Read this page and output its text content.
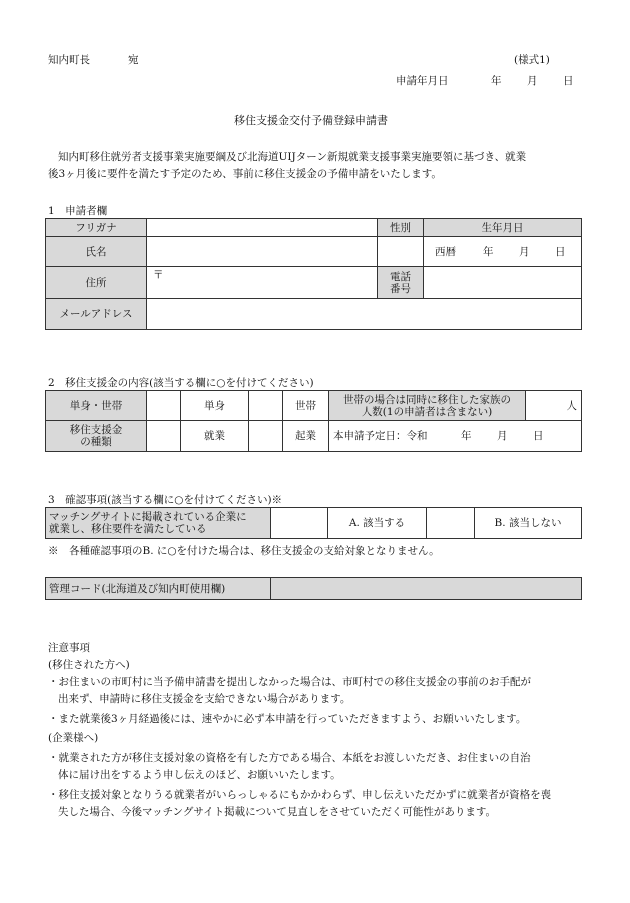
知内町長	宛	(様式1)
申請年月日	年 月 日
移住支援金交付予備登録申請書
知内町移住就労者支援事業実施要綱及び北海道UIJターン新規就業支援事業実施要領に基づき、就業
後3ヶ月後に要件を満たす予定のため、事前に移住支援金の予備申請をいたします。
1　申請者欄
フリガナ		性別	生年月日
氏名			西暦 年 月 日

住所	〒	電話
番号	
メールアドレス			
2　移住支援金の内容(該当する欄に○を付けてください)
単身・世帯		単身		世帯	世帯の場合は同時に移住した家族の
人数(1の申請者は含まない)	人
移住支援金
の種類		就業		起業	本申請予定日：令和 年 月 日	
3　確認事項(該当する欄に○を付けてください)※
マッチングサイトに掲載されている企業に
就業し、移住要件を満たしている		A. 該当する		B. 該当しない
※　各種確認事項のB. に○を付けた場合は、移住支援金の支給対象となりません。
管理コード(北海道及び知内町使用欄)	
注意事項
(移住された方へ)
・お住まいの市町村に当予備申請書を提出しなかった場合は、市町村での移住支援金の事前のお手配が
出来ず、申請時に移住支援金を支給できない場合があります。
・また就業後3ヶ月経過後には、速やかに必ず本申請を行っていただきますよう、お願いいたします。
(企業様へ)
・就業された方が移住支援対象の資格を有した方である場合、本紙をお渡しいただき、お住まいの自治
体に届け出をするよう申し伝えのほど、お願いいたします。
・移住支援対象となりうる就業者がいらっしゃるにもかかわらず、申し伝えいただかずに就業者が資格を喪
失した場合、今後マッチングサイト掲載について見直しをさせていただく可能性があります。
